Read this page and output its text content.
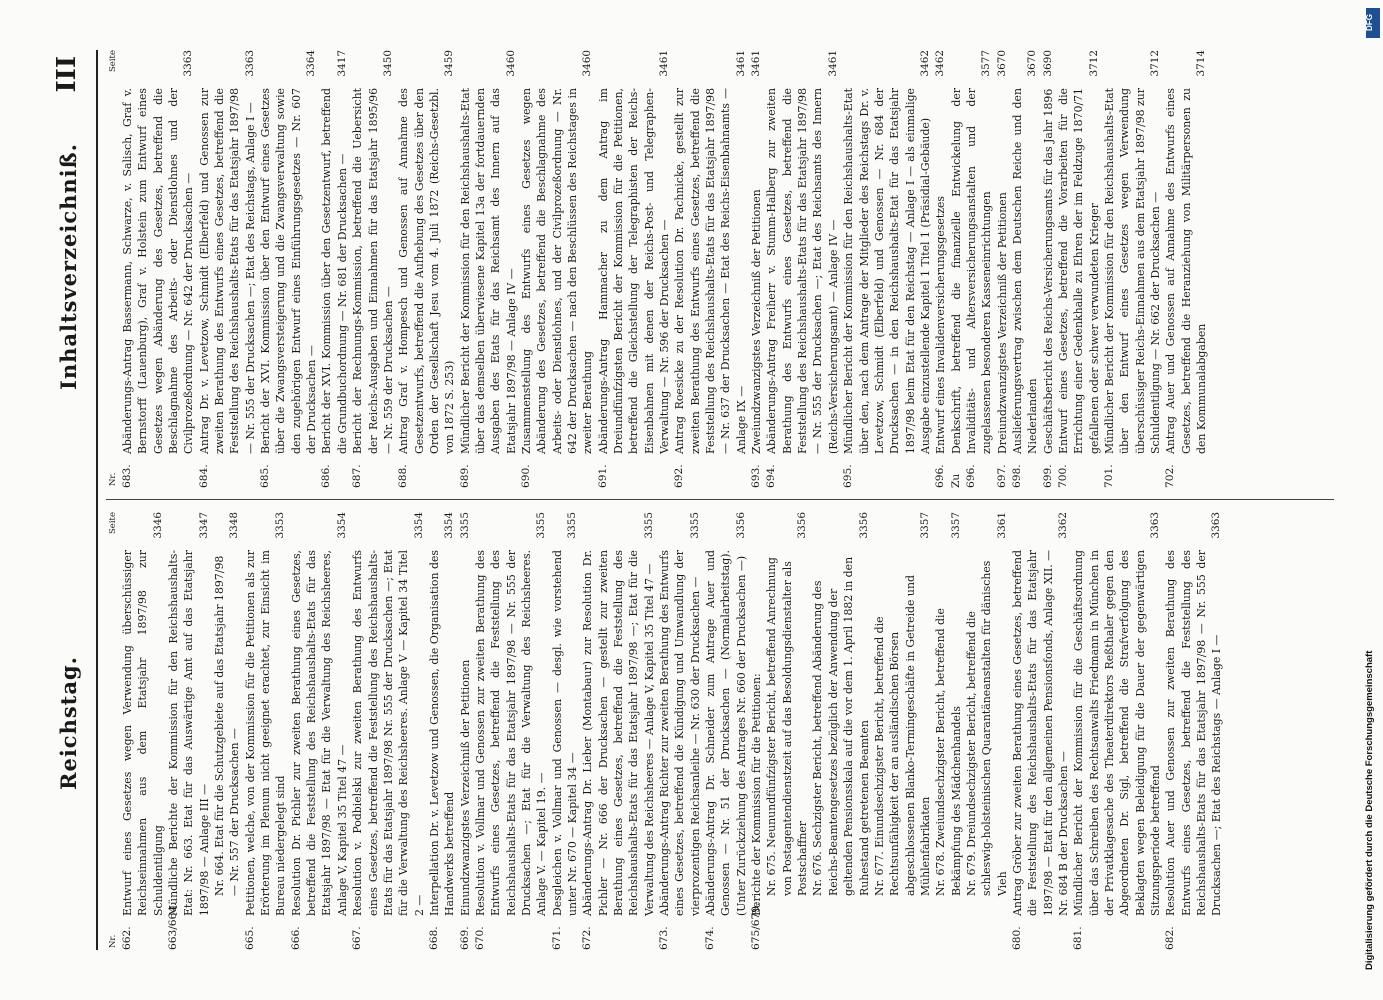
Reichstag.
Inhaltsverzeichniß.
III
Nr.
Seite
662.
Entwurf eines Gesetzes wegen Verwendung überschüssiger Reichseinnahmen aus dem Etatsjahr 1897/98 zur Schuldentilgung
3346
663/664.
Mündliche Berichte der Kommission für den Reichshaushalts-Etat: Nr. 663. Etat für das Auswärtige Amt auf das Etatsjahr 1897/98 — Anlage III —
3347
Nr. 664. Etat für die Schutzgebiete auf das Etatsjahr 1897/98 — Nr. 557 der Drucksachen —
3348
665.
Petitionen, welche, von der Kommission für die Petitionen als zur Erörterung im Plenum nicht geeignet erachtet, zur Einsicht im Bureau niedergelegt sind
3353
666.
Resolution Dr. Pichler zur zweiten Berathung eines Gesetzes, betreffend die Feststellung des Reichshaushalts-Etats für das Etatsjahr 1897/98 — Etat für die Verwaltung des Reichsheeres, Anlage V, Kapitel 35 Titel 47 —
3354
667.
Resolution v. Podbielski zur zweiten Berathung des Entwurfs eines Gesetzes, betreffend die Feststellung des Reichshaushalts-Etats für das Etatsjahr 1897/98 Nr. 555 der Drucksachen —; Etat für die Verwaltung des Reichsheeres. Anlage V — Kapitel 34 Titel 2 —
3354
668.
Interpellation Dr. v. Levetzow und Genossen, die Organisation des Handwerks betreffend
3354
669.
Einundzwanzigstes Verzeichniß der Petitionen
3355
670.
Resolution v. Vollmar und Genossen zur zweiten Berathung des Entwurfs eines Gesetzes, betreffend die Feststellung des Reichshaushalts-Etats für das Etatsjahr 1897/98 — Nr. 555 der Drucksachen —; Etat für die Verwaltung des Reichsheeres. Anlage V. — Kapitel 19. —
3355
671.
Desgleichen v. Vollmar und Genossen — desgl. wie vorstehend unter Nr. 670 — Kapitel 34 —
3355
672.
Abänderungs-Antrag Dr. Lieber (Montabaur) zur Resolution Dr. Pichler — Nr. 666 der Drucksachen — gestellt zur zweiten Berathung eines Gesetzes, betreffend die Feststellung des Reichshaushalts-Etats für das Etatsjahr 1897/98 —; Etat für die Verwaltung des Reichsheeres — Anlage V, Kapitel 35 Titel 47 —
3355
673.
Abänderungs-Antrag Richter zur zweiten Berathung des Entwurfs eines Gesetzes, betreffend die Kündigung und Umwandlung der vierprozentigen Reichsanleihe — Nr. 630 der Drucksachen —
3355
674.
Abänderungs-Antrag Dr. Schneider zum Antrage Auer und Genossen — Nr. 51 der Drucksachen — (Normalarbeitstag). (Unter Zurückziehung des Antrages Nr. 660 der Drucksachen —)
3356
675/679.
Berichte der Kommission für die Petitionen: Nr. 675. Neunundfünfzigster Bericht, betreffend Anrechnung von Postagentendienstzeit auf das Besoldungsdienstalter als Postschaffner
3356
Nr. 676. Sechzigster Bericht, betreffend Abänderung des Reichs-Beamtengesetzes bezüglich der Anwendung der geltenden Pensionsskala auf die vor dem 1. April 1882 in den Ruhestand getretenen Beamten
3356
Nr. 677. Einundsechzigster Bericht, betreffend die Rechtsunfähigkeit der an ausländischen Börsen abgeschlossenen Blanko-Termingeschäfte in Getreide und Mühlenfabrikaten
3357
Nr. 678. Zweiundsechzigster Bericht, betreffend die Bekämpfung des Mädchenhandels
3357
Nr. 679. Dreiundsechzigster Bericht, betreffend die schleswig-holsteinischen Quarantäneanstalten für dänisches Vieh
3361
680.
Antrag Gröber zur zweiten Berathung eines Gesetzes, betreffend die Feststellung des Reichshaushalts-Etats für das Etatsjahr 1897/98 — Etat für den allgemeinen Pensionsfonds, Anlage XII. — Nr. 684 B der Drucksachen —
3362
681.
Mündlicher Bericht der Kommission für die Geschäftsordnung über das Schreiben des Rechtsanwalts Friedmann in München in der Privatklagesache des Theaterdirektors Reßthaler gegen den Abgeordneten Dr. Sigl, betreffend die Strafverfolgung des Beklagten wegen Beleidigung für die Dauer der gegenwärtigen Sitzungsperiode betreffend
3363
682.
Resolution Auer und Genossen zur zweiten Berathung des Entwurfs eines Gesetzes, betreffend die Feststellung des Reichshaushalts-Etats für das Etatsjahr 1897/98 — Nr. 555 der Drucksachen —; Etat des Reichstags — Anlage I —
3363
Nr.
Seite
683.
Abänderungs-Antrag Bassermann, Schwarze, v. Salisch, Graf v. Bernstorff (Lauenburg), Graf v. Holstein zum Entwurf eines Gesetzes wegen Abänderung des Gesetzes, betreffend die Beschlagnahme des Arbeits- oder Dienstlohnes und der Civilprozeßordnung — Nr. 642 der Drucksachen —
3363
684.
Antrag Dr. v. Levetzow, Schmidt (Elberfeld) und Genossen zur zweiten Berathung des Entwurfs eines Gesetzes, betreffend die Feststellung des Reichshaushalts-Etats für das Etatsjahr 1897/98 — Nr. 555 der Drucksachen —; Etat des Reichstags, Anlage I —
3363
685.
Bericht der XVI. Kommission über den Entwurf eines Gesetzes über die Zwangsversteigerung und die Zwangsverwaltung sowie den zugehörigen Entwurf eines Einführungsgesetzes — Nr. 607 der Drucksachen —
3364
686.
Bericht der XVI. Kommission über den Gesetzentwurf, betreffend die Grundbuchordnung — Nr. 681 der Drucksachen —
3417
687.
Bericht der Rechnungs-Kommission, betreffend die Uebersicht der Reichs-Ausgaben und Einnahmen für das Etatsjahr 1895/96 — Nr. 559 der Drucksachen —
3450
688.
Antrag Graf v. Hompesch und Genossen auf Annahme des Gesetzentwurfs, betreffend die Aufhebung des Gesetzes über den Orden der Gesellschaft Jesu vom 4. Juli 1872 (Reichs-Gesetzbl. von 1872 S. 253)
3459
689.
Mündlicher Bericht der Kommission für den Reichshaushalts-Etat über das demselben überwiesene Kapitel 13a der fortdauernden Ausgaben des Etats für das Reichsamt des Innern auf das Etatsjahr 1897/98 — Anlage IV —
3460
690.
Zusammenstellung des Entwurfs eines Gesetzes wegen Abänderung des Gesetzes, betreffend die Beschlagnahme des Arbeits- oder Dienstlohnes, und der Civilprozeßordnung — Nr. 642 der Drucksachen — nach den Beschlüssen des Reichstages in zweiter Berathung
3460
691.
Abänderungs-Antrag Hammacher zu dem Antrag im Dreiundfünfzigsten Bericht der Kommission für die Petitionen, betreffend die Gleichstellung der Telegraphisten der Reichs-Eisenbahnen mit denen der Reichs-Post- und Telegraphen-Verwaltung — Nr. 596 der Drucksachen —
3461
692.
Antrag Roesicke zu der Resolution Dr. Pachnicke, gestellt zur zweiten Berathung des Entwurfs eines Gesetzes, betreffend die Feststellung des Reichshaushalts-Etats für das Etatsjahr 1897/98 — Nr. 637 der Drucksachen — Etat des Reichs-Eisenbahnamts — Anlage IX —
3461
693.
Zweiundzwanzigstes Verzeichniß der Petitionen
3461
694.
Abänderungs-Antrag Freiherr v. Stumm-Halberg zur zweiten Berathung des Entwurfs eines Gesetzes, betreffend die Feststellung des Reichshaushalts-Etats für das Etatsjahr 1897/98 — Nr. 555 der Drucksachen —; Etat des Reichsamts des Innern (Reichs-Versicherungsamt) — Anlage IV —
3461
695.
Mündlicher Bericht der Kommission für den Reichshaushalts-Etat über den, nach dem Antrage der Mitglieder des Reichstags Dr. v. Levetzow, Schmidt (Elberfeld) und Genossen — Nr. 684 der Drucksachen — in den Reichshaushalts-Etat für das Etatsjahr 1897/98 beim Etat für den Reichstag — Anlage I — als einmalige Ausgabe einzustellende Kapitel 1 Titel 1 (Präsidial-Gebäude)
3462
696.
Entwurf eines Invalidenversicherungsgesetzes
3462
Zu 696.
Denkschrift, betreffend die finanzielle Entwickelung der Invaliditäts- und Altersversicherungsanstalten und der zugelassenen besonderen Kasseneinrichtungen
3577
697.
Dreiundzwanzigstes Verzeichniß der Petitionen
3670
698.
Auslieferungsvertrag zwischen dem Deutschen Reiche und den Niederlanden
3670
699.
Geschäftsbericht des Reichs-Versicherungsamts für das Jahr 1896
3690
700.
Entwurf eines Gesetzes, betreffend die Vorarbeiten für die Errichtung einer Gedenkhalle zu Ehren der im Feldzuge 1870/71 gefallenen oder schwer verwundeten Krieger
3712
701.
Mündlicher Bericht der Kommission für den Reichshaushalts-Etat über den Entwurf eines Gesetzes wegen Verwendung überschüssiger Reichs-Einnahmen aus dem Etatsjahr 1897/98 zur Schuldentilgung — Nr. 662 der Drucksachen —
3712
702.
Antrag Auer und Genossen auf Annahme des Entwurfs eines Gesetzes, betreffend die Heranziehung von Militärpersonen zu den Kommunalabgaben
3714
DFG
Digitalisierung gefördert durch die Deutsche Forschungsgemeinschaft
